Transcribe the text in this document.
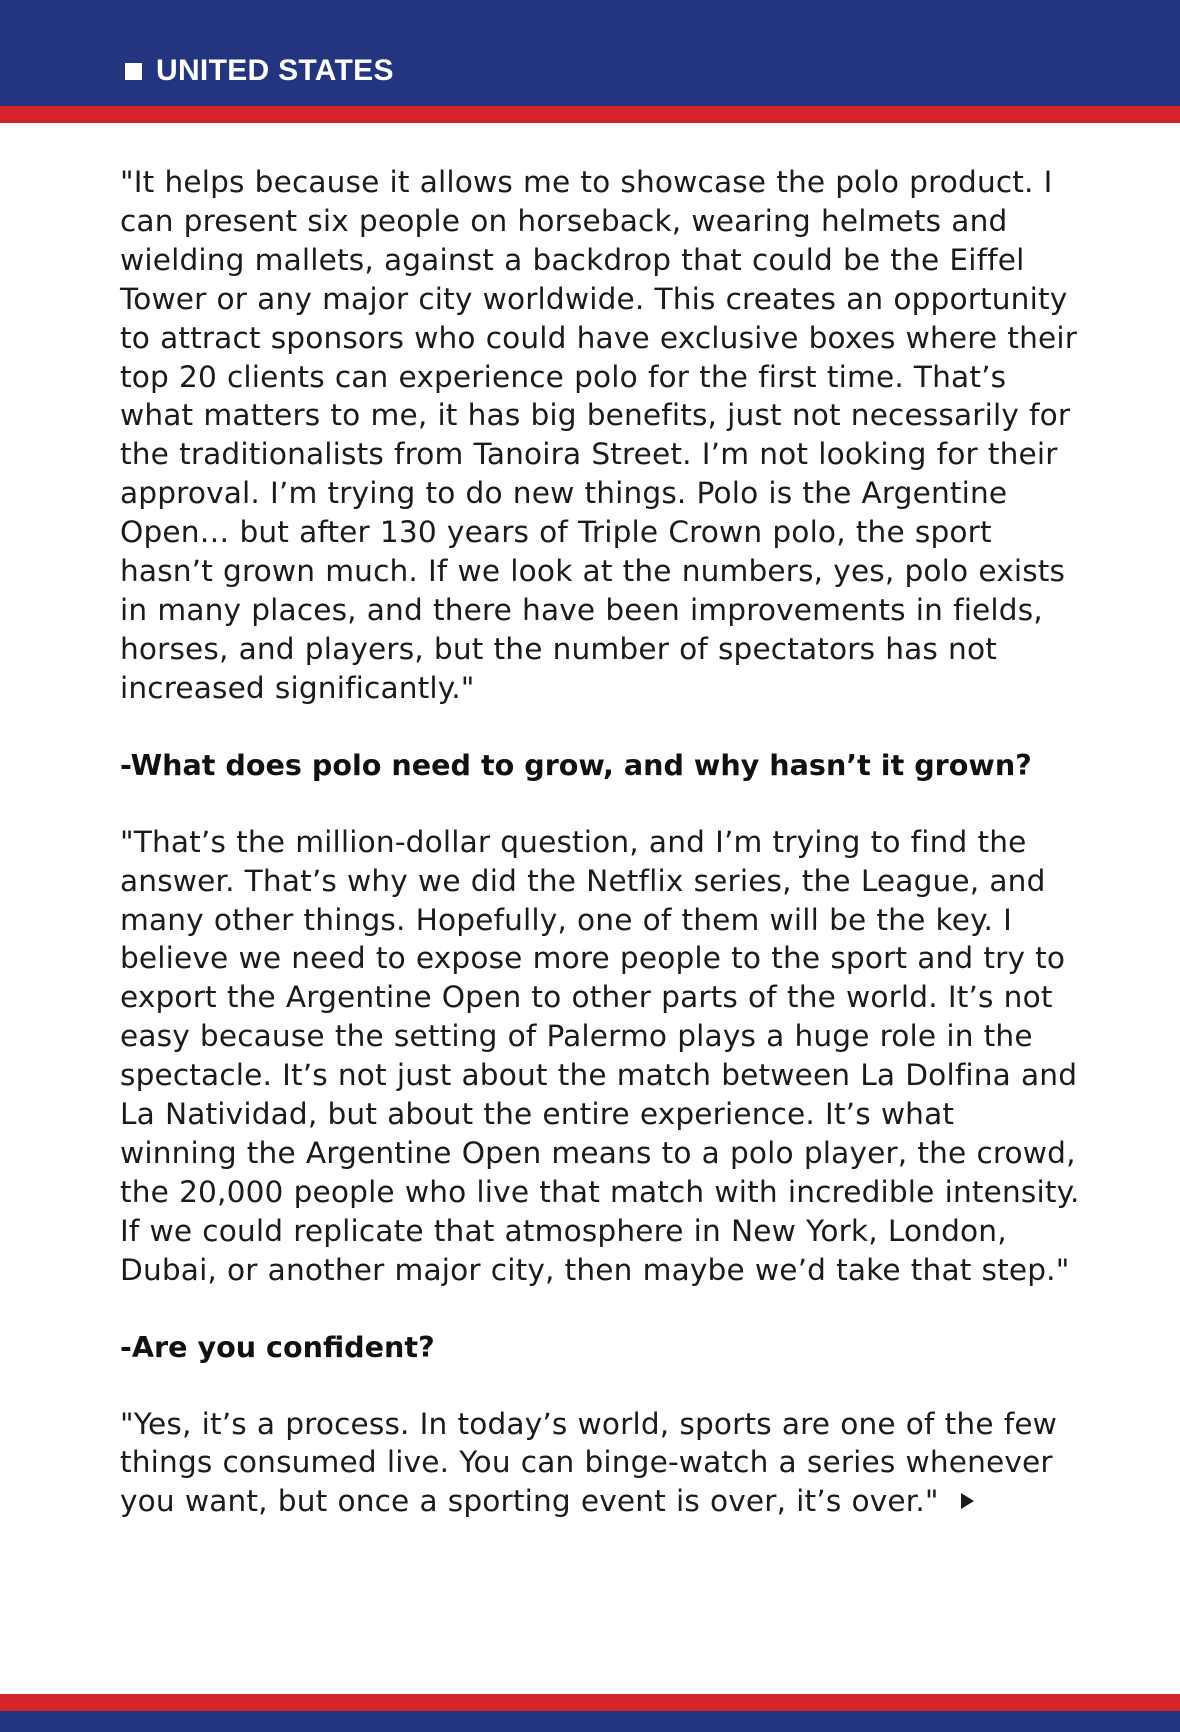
UNITED STATES

"It helps because it allows me to showcase the polo product. I can present six people on horseback, wearing helmets and wielding mallets, against a backdrop that could be the Eiffel Tower or any major city worldwide. This creates an opportunity to attract sponsors who could have exclusive boxes where their top 20 clients can experience polo for the first time. That’s what matters to me, it has big benefits, just not necessarily for the traditionalists from Tanoira Street. I’m not looking for their approval. I’m trying to do new things. Polo is the Argentine Open… but after 130 years of Triple Crown polo, the sport hasn’t grown much. If we look at the numbers, yes, polo exists in many places, and there have been improvements in fields, horses, and players, but the number of spectators has not increased significantly."

-What does polo need to grow, and why hasn’t it grown?

"That’s the million-dollar question, and I’m trying to find the answer. That’s why we did the Netflix series, the League, and many other things. Hopefully, one of them will be the key. I believe we need to expose more people to the sport and try to export the Argentine Open to other parts of the world. It’s not easy because the setting of Palermo plays a huge role in the spectacle. It’s not just about the match between La Dolfina and La Natividad, but about the entire experience. It’s what winning the Argentine Open means to a polo player, the crowd, the 20,000 people who live that match with incredible intensity. If we could replicate that atmosphere in New York, London, Dubai, or another major city, then maybe we’d take that step."

-Are you confident?

"Yes, it’s a process. In today’s world, sports are one of the few things consumed live. You can binge-watch a series whenever you want, but once a sporting event is over, it’s over."
